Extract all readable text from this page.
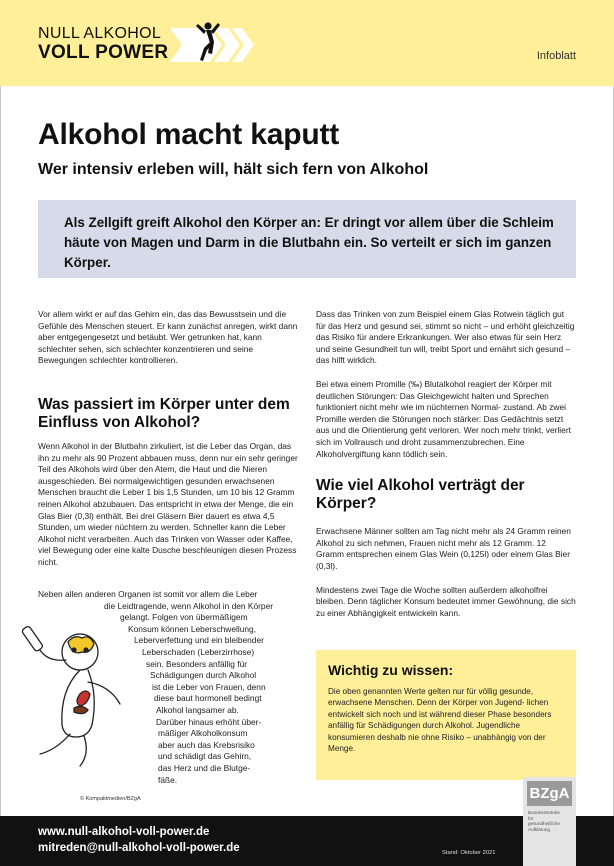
NULL ALKOHOL
VOLL POWER	Infoblatt
Alkohol macht kaputt
Wer intensiv erleben will, hält sich fern von Alkohol
Als Zellgift greift Alkohol den Körper an: Er dringt vor allem über die Schleim häute von Magen und Darm in die Blutbahn ein. So verteilt er sich im ganzen Körper.

Vor allem wirkt er auf das Gehirn ein, das das Bewusstsein und die Gefühle des Menschen steuert. Er kann zunächst anregen, wirkt dann aber entgegengesetzt und betäubt. Wer getrunken hat, kann schlechter sehen, sich schlechter konzentrieren und seine Bewegungen schlechter kontrollieren.

Was passiert im Körper unter dem Einfluss von Alkohol?

Wenn Alkohol in der Blutbahn zirkuliert, ist die Leber das Organ, das ihn zu mehr als 90 Prozent abbauen muss, denn nur ein sehr geringer Teil des Alkohols wird über den Atem, die Haut und die Nieren ausgeschieden. Bei normalgewichtigen gesunden erwachsenen Menschen braucht die Leber 1 bis 1,5 Stunden, um 10 bis 12 Gramm reinen Alkohol abzubauen. Das entspricht in etwa der Menge, die ein Glas Bier (0,3l) enthält. Bei drei Gläsern Bier dauert es etwa 4,5 Stunden, um wieder nüchtern zu werden. Schneller kann die Leber Alkohol nicht verarbeiten. Auch das Trinken von Wasser oder Kaffee, viel Bewegung oder eine kalte Dusche beschleunigen diesen Prozess nicht.

Neben allen anderen Organen ist somit vor allem die Leber
die Leidtragende, wenn Alkohol in den Körper
gelangt. Folgen von übermäßigem
Konsum können Leberschwellung,
Leberverfettung und ein bleibender
Leberschaden (Leberzirrhose)
sein. Besonders anfällig für
Schädigungen durch Alkohol
ist die Leber von Frauen, denn
diese baut hormonell bedingt
Alkohol langsamer ab.
Darüber hinaus erhöht über-
mäßiger Alkoholkonsum
aber auch das Krebsrisiko
und schädigt das Gehirn,
das Herz und die Blutge-
fäße.
© Kompaktmedien/BZgA

Dass das Trinken von zum Beispiel einem Glas Rotwein täglich gut für das Herz und gesund sei, stimmt so nicht – und erhöht gleichzeitig das Risiko für andere Erkrankungen. Wer also etwas für sein Herz und seine Gesundheit tun will, treibt Sport und ernährt sich gesund – das hilft wirklich.

Bei etwa einem Promille (‰) Blutalkohol reagiert der Körper mit deutlichen Störungen: Das Gleichgewicht halten und Sprechen funktioniert nicht mehr wie im nüchternen Normal- zustand. Ab zwei Promille werden die Störungen noch stärker: Das Gedächtnis setzt aus und die Orientierung geht verloren. Wer noch mehr trinkt, verliert sich im Vollrausch und droht zusammenzubrechen. Eine Alkoholvergiftung kann tödlich sein.

Wie viel Alkohol verträgt der Körper?

Erwachsene Männer sollten am Tag nicht mehr als 24 Gramm reinen Alkohol zu sich nehmen, Frauen nicht mehr als 12 Gramm. 12 Gramm entsprechen einem Glas Wein (0,125l) oder einem Glas Bier (0,3l).

Mindestens zwei Tage die Woche sollten außerdem alkoholfrei bleiben. Denn täglicher Konsum bedeutet immer Gewöhnung, die sich zu einer Abhängigkeit entwickeln kann.

Wichtig zu wissen:

Die oben genannten Werte gelten nur für völlig gesunde, erwachsene Menschen. Denn der Körper von Jugend- lichen entwickelt sich noch und ist während dieser Phase besonders anfällig für Schädigungen durch Alkohol. Jugendliche konsumieren deshalb nie ohne Risiko – unabhängig von der Menge.

www.null-alkohol-voll-power.de
mitreden@null-alkohol-voll-power.de	Stand: Oktober 2021
BZgA
Bundeszentrale
für
gesundheitliche
Aufklärung
